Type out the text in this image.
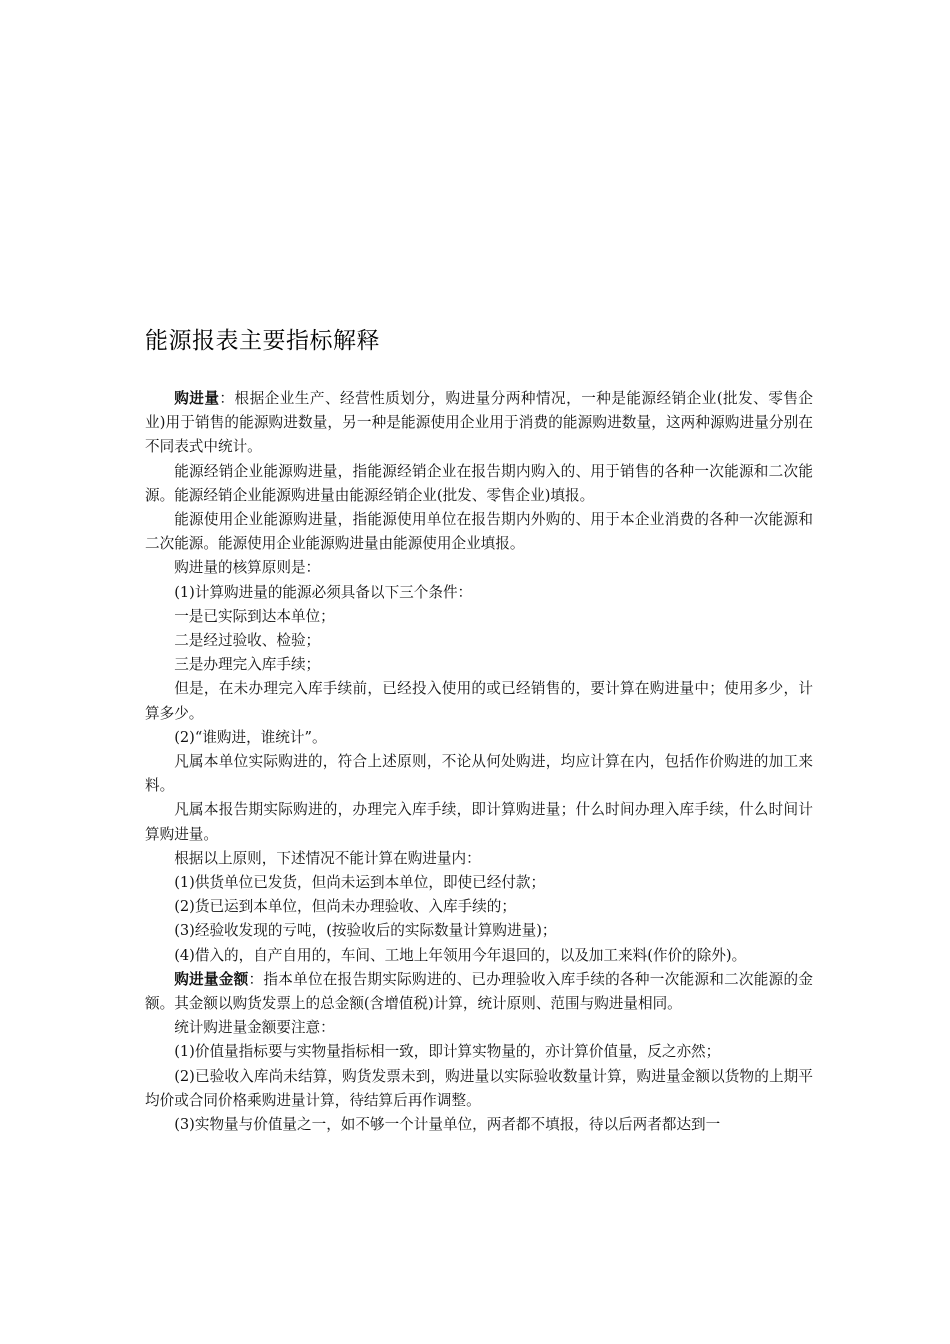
能源报表主要指标解释

购进量：根据企业生产、经营性质划分，购进量分两种情况，一种是能源经销企业(批发、零售企业)用于销售的能源购进数量，另一种是能源使用企业用于消费的能源购进数量，这两种源购进量分别在不同表式中统计。

能源经销企业能源购进量，指能源经销企业在报告期内购入的、用于销售的各种一次能源和二次能源。能源经销企业能源购进量由能源经销企业(批发、零售企业)填报。

能源使用企业能源购进量，指能源使用单位在报告期内外购的、用于本企业消费的各种一次能源和二次能源。能源使用企业能源购进量由能源使用企业填报。

购进量的核算原则是：

(1)计算购进量的能源必须具备以下三个条件：

一是已实际到达本单位；

二是经过验收、检验；

三是办理完入库手续；

但是，在未办理完入库手续前，已经投入使用的或已经销售的，要计算在购进量中；使用多少，计算多少。

(2)“谁购进，谁统计”。

凡属本单位实际购进的，符合上述原则，不论从何处购进，均应计算在内，包括作价购进的加工来料。

凡属本报告期实际购进的，办理完入库手续，即计算购进量；什么时间办理入库手续，什么时间计算购进量。

根据以上原则，下述情况不能计算在购进量内：

(1)供货单位已发货，但尚未运到本单位，即使已经付款；

(2)货已运到本单位，但尚未办理验收、入库手续的；

(3)经验收发现的亏吨，(按验收后的实际数量计算购进量)；

(4)借入的，自产自用的，车间、工地上年领用今年退回的，以及加工来料(作价的除外)。

购进量金额：指本单位在报告期实际购进的、已办理验收入库手续的各种一次能源和二次能源的金额。其金额以购货发票上的总金额(含增值税)计算，统计原则、范围与购进量相同。

统计购进量金额要注意：

(1)价值量指标要与实物量指标相一致，即计算实物量的，亦计算价值量，反之亦然；

(2)已验收入库尚未结算，购货发票未到，购进量以实际验收数量计算，购进量金额以货物的上期平均价或合同价格乘购进量计算，待结算后再作调整。

(3)实物量与价值量之一，如不够一个计量单位，两者都不填报，待以后两者都达到一
